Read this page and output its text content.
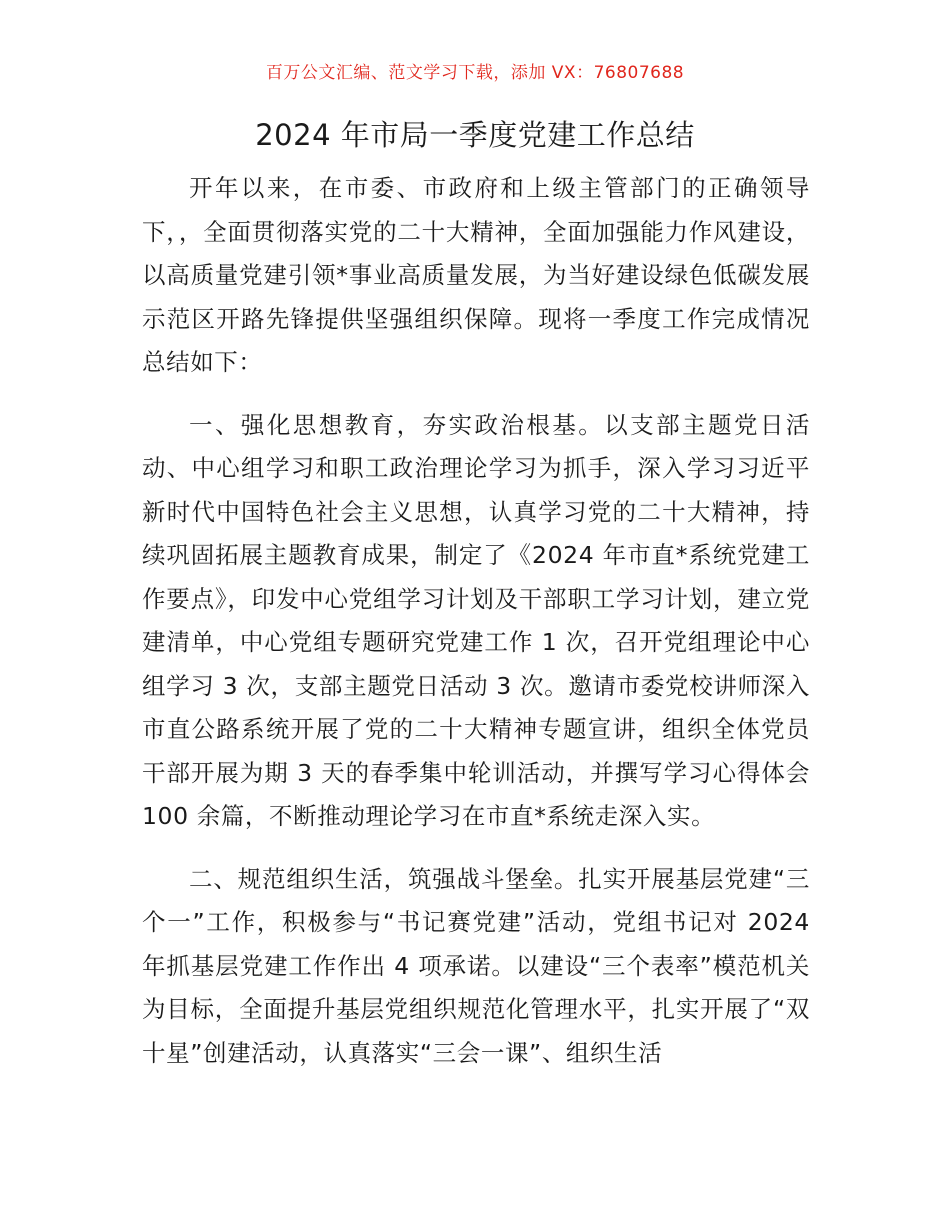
百万公文汇编、范文学习下载，添加 VX：76807688
2024 年市局一季度党建工作总结

开年以来，在市委、市政府和上级主管部门的正确领导下，，全面贯彻落实党的二十大精神，全面加强能力作风建设，以高质量党建引领*事业高质量发展，为当好建设绿色低碳发展示范区开路先锋提供坚强组织保障。现将一季度工作完成情况总结如下：

一、强化思想教育，夯实政治根基。以支部主题党日活动、中心组学习和职工政治理论学习为抓手，深入学习习近平新时代中国特色社会主义思想，认真学习党的二十大精神，持续巩固拓展主题教育成果，制定了《2024 年市直*系统党建工作要点》，印发中心党组学习计划及干部职工学习计划，建立党建清单，中心党组专题研究党建工作 1 次，召开党组理论中心组学习 3 次，支部主题党日活动 3 次。邀请市委党校讲师深入市直公路系统开展了党的二十大精神专题宣讲，组织全体党员干部开展为期 3 天的春季集中轮训活动，并撰写学习心得体会 100 余篇，不断推动理论学习在市直*系统走深入实。

二、规范组织生活，筑强战斗堡垒。扎实开展基层党建“三个一”工作，积极参与“书记赛党建”活动，党组书记对 2024 年抓基层党建工作作出 4 项承诺。以建设“三个表率”模范机关为目标，全面提升基层党组织规范化管理水平，扎实开展了“双十星”创建活动，认真落实“三会一课”、组织生活
